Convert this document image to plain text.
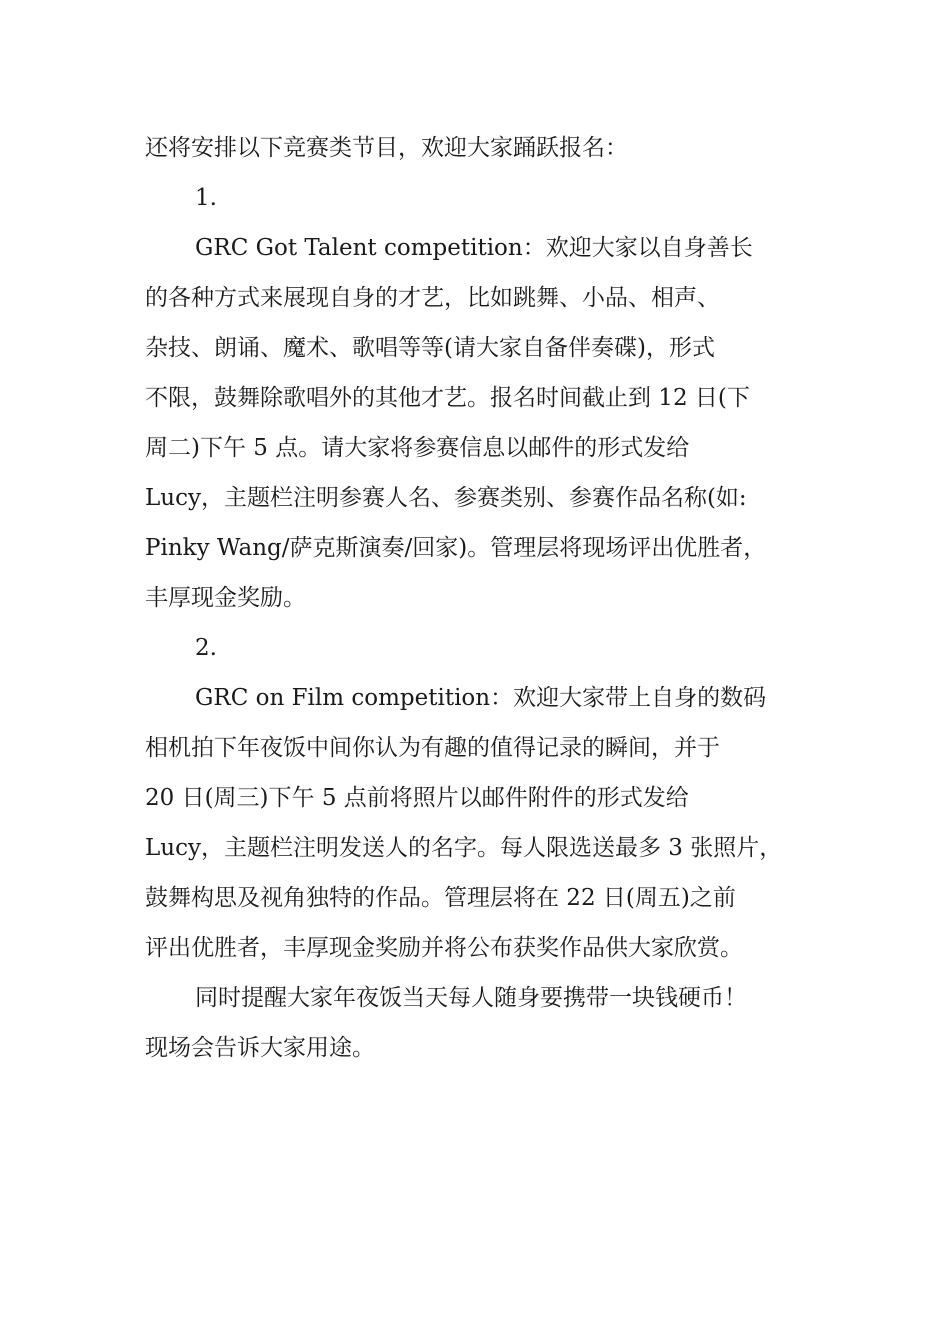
还将安排以下竞赛类节目，欢迎大家踊跃报名：
1.
GRC Got Talent competition：欢迎大家以自身善长
的各种方式来展现自身的才艺，比如跳舞、小品、相声、
杂技、朗诵、魔术、歌唱等等(请大家自备伴奏碟)，形式
不限，鼓舞除歌唱外的其他才艺。报名时间截止到 12 日(下
周二)下午 5 点。请大家将参赛信息以邮件的形式发给
Lucy，主题栏注明参赛人名、参赛类别、参赛作品名称(如:
Pinky Wang/萨克斯演奏/回家)。管理层将现场评出优胜者，
丰厚现金奖励。
2.
GRC on Film competition：欢迎大家带上自身的数码
相机拍下年夜饭中间你认为有趣的值得记录的瞬间，并于
20 日(周三)下午 5 点前将照片以邮件附件的形式发给
Lucy，主题栏注明发送人的名字。每人限选送最多 3 张照片，
鼓舞构思及视角独特的作品。管理层将在 22 日(周五)之前
评出优胜者，丰厚现金奖励并将公布获奖作品供大家欣赏。
同时提醒大家年夜饭当天每人随身要携带一块钱硬币！
现场会告诉大家用途。
